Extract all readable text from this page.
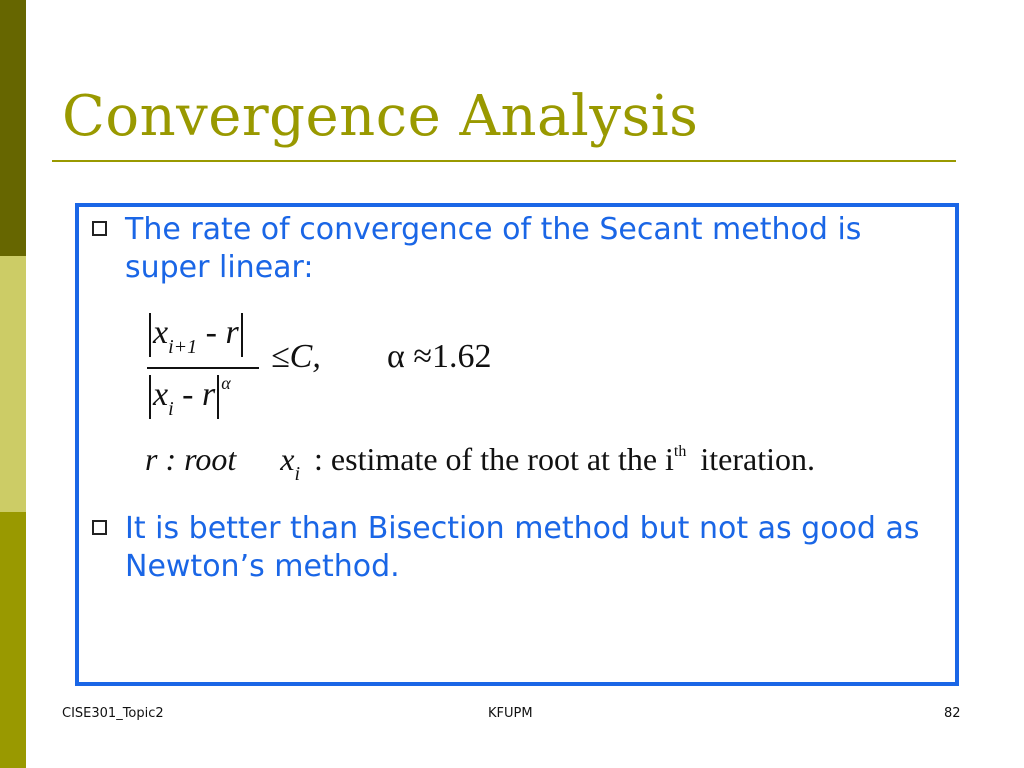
Convergence Analysis
The rate of convergence of the Secant method is super linear:
$x_{i+1}$ - r
$x_i$ - r $^\alpha$
≤C, α ≈1.62
r : root $x_i$ : estimate of the root at the $i^{th}$ iteration.
It is better than Bisection method but not as good as Newton’s method.
CISE301_Topic2	KFUPM	82
